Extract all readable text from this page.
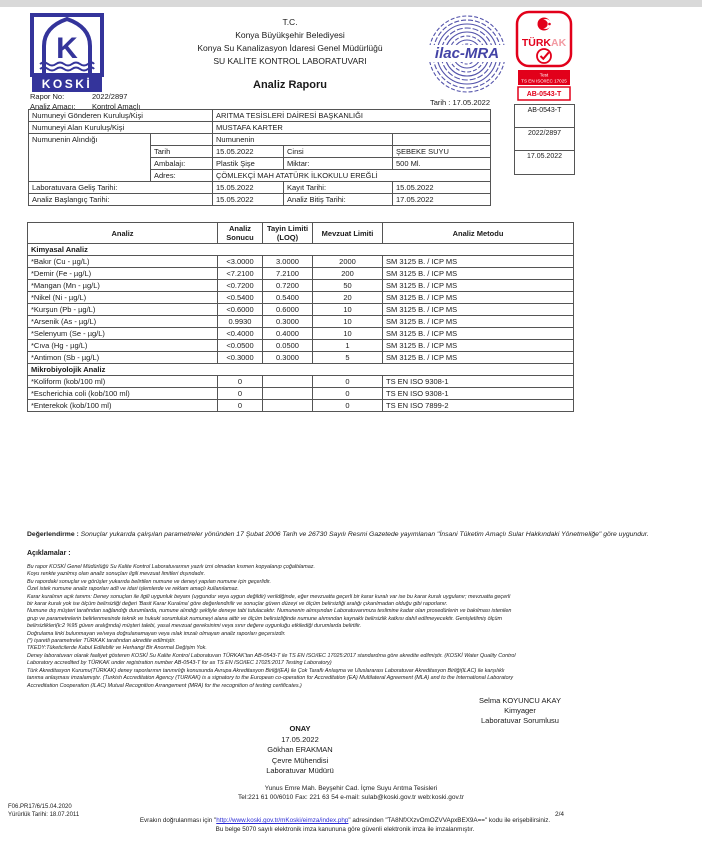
K
KOSKİ
T.C.
Konya Büyükşehir Belediyesi
Konya Su Kanalizasyon İdaresi Genel Müdürlüğü
SU KALİTE KONTROL LABORATUVARI
Analiz Raporu
ilac-MRA
TÜRKAK
Test
TS EN ISO/IEC 17025
AB-0543-T
AB-0543-T
2022/2897
17.05.2022
Rapor No:	2022/2897
Analiz Amacı: Kontrol Amaçlı	Tarih : 17.05.2022
Numuneyi Gönderen Kuruluş/Kişi		ARITMA TESİSLERİ DAİRESİ BAŞKANLIĞI		
Numuneyi Alan Kuruluş/Kişi		MUSTAFA KARTER		
Numunenin Alındığı		Numunenin		
	Tarih	15.05.2022	Cinsi	ŞEBEKE SUYU
	Ambalajı:	Plastik Şişe	Miktar:	500 Ml.
	Adres:	ÇÖMLEKÇİ MAH ATATÜRK İLKOKULU EREĞLİ		
Laboratuvara Geliş Tarihi:		15.05.2022	Kayıt Tarihi:	15.05.2022
Analiz Başlangıç Tarihi:		15.05.2022	Analiz Bitiş Tarihi:	17.05.2022
Analiz	Analiz Sonucu	Tayin Limiti (LOQ)	Mevzuat Limiti	Analiz Metodu
Kimyasal Analiz				
*Bakır (Cu - µg/L)	<3.0000	3.0000	2000	SM 3125 B. / ICP MS
*Demir (Fe - µg/L)	<7.2100	7.2100	200	SM 3125 B. / ICP MS
*Mangan (Mn - µg/L)	<0.7200	0.7200	50	SM 3125 B. / ICP MS
*Nikel (Ni - µg/L)	<0.5400	0.5400	20	SM 3125 B. / ICP MS
*Kurşun (Pb - µg/L)	<0.6000	0.6000	10	SM 3125 B. / ICP MS
*Arsenik (As - µg/L)	0.9930	0.3000	10	SM 3125 B. / ICP MS
*Selenyum (Se - µg/L)	<0.4000	0.4000	10	SM 3125 B. / ICP MS
*Cıva (Hg - µg/L)	<0.0500	0.0500	1	SM 3125 B. / ICP MS
*Antimon (Sb - µg/L)	<0.3000	0.3000	5	SM 3125 B. / ICP MS
Mikrobiyolojik Analiz				
*Koliform (kob/100 ml)	0		0	TS EN ISO 9308-1
*Escherichia coli (kob/100 ml)	0		0	TS EN ISO 9308-1
*Enterekok (kob/100 ml)	0		0	TS EN ISO 7899-2
Değerlendirme : Sonuçlar yukarıda çalışılan parametreler yönünden 17 Şubat 2006 Tarih ve 26730 Sayılı Resmi Gazetede yayımlanan "İnsani Tüketim Amaçlı Sular Hakkındaki Yönetmeliğe" göre uygundur.
Açıklamalar :
Bu rapor KOSKİ Genel Müdürlüğü Su Kalite Kontrol Laboratuvarının yazılı izni olmadan kısmen kopyalanıp çoğaltılamaz.
Koyu renkte yazılmış olan analiz sonuçları ilgili mevzuat limitleri dışındadır.
Bu rapordaki sonuçlar ve görüşler yukarıda belirtilen numune ve deneyi yapılan numune için geçerlidir.
Özel istek numune analiz raporları adli ve idari işlemlerde ve reklam amaçlı kullanılamaz.
Karar kuralının açık tanımı: Deney sonuçları ile ilgili uygunluk beyanı (uygundur veya uygun değildir) verildiğinde, eğer mevzuatta geçerli bir karar kuralı var ise bu karar kuralı uygulanır; mevzuatta geçerli
bir karar kuralı yok ise ölçüm belirsizliği değeri 'Basit Karar Kuralına' göre değerlendirilir ve sonuçlar güven düzeyi ve ölçüm belirsizliği aralığı çıkarılmadan olduğu gibi raporlanır.
Numune dış müşteri tarafından sağlandığı durumlarda, numune alındığı şekliyle deneye tabi tutulacaktır. Numunenin alınışından Laboratuvarımıza teslimine kadar olan prosedürlerin ve bakılması istenilen
grup ve parametrelerin belirlenmesinde teknik ve hukuki sorumluluk numuneyi alana aittir ve ölçüm belirsizliğinde numune alımından kaynaklı belirsizlik katkısı dahil edilmeyecektir. Genişletilmiş ölçüm
belirsizlikleri(k:2 %95 güven aralığında) müşteri talebi, yasal mevzuat gereksinimi veya sınır değere uygunluğu etkilediği durumlarda belirtilir.
Doğrulama linki bulunmayan ve/veya doğrulanamayan veya ıslak imzalı olmayan analiz raporları geçersizdir.
(*) işaretli parametreler TÜRKAK tarafından akredite edilmiştir.
TKEDY:Tüketicilerde Kabul Edilebilir ve Herhangi Bir Anormal Değişim Yok.
Deney laboratuvarı olarak faaliyet gösteren KOSKİ Su Kalite Kontrol Laboratuvarı TÜRKAK'tan AB-0543-T ile TS EN ISO/IEC 17025:2017 standardına göre akredite edilmiştir. (KOSKİ Water Quality Control
Laboratory accredited by TÜRKAK under registration number AB-0543-T for as TS EN ISO/IEC 17025:2017 Testing Laboratory)
Türk Akreditasyon Kurumu(TÜRKAK) deney raporlarının tanınırlığı konusunda Avrupa Akreditasyon Birliği(EA) ile Çok Taraflı Anlaşma ve Uluslararası Laboratuvar Akreditasyon Birliği(ILAC) ile karşılıklı
tanıma anlaşması imzalamıştır. (Turkish Accreditation Agency (TURKAK) is a signatory to the European co-operation for Accreditation (EA) Multilateral Agreement (MLA) and to the International Laboratory
Accreditation Cooperation (ILAC) Mutual Recognition Arrangement (MRA) for the recognition of testing certificates.)
Selma KOYUNCU AKAY
Kimyager
Laboratuvar Sorumlusu
ONAY
17.05.2022
Gökhan ERAKMAN
Çevre Mühendisi
Laboratuvar Müdürü
Yunus Emre Mah. Beyşehir Cad. İçme Suyu Arıtma Tesisleri
Tel:221 61 00/6010 Fax: 221 63 54 e-mail: sulab@koski.gov.tr web:koski.gov.tr
F06.PR17/6/15.04.2020
Yürürlük Tarihi: 18.07.2011	2/4
Evrakın doğrulanması için "http://www.koski.gov.tr/mKoski/eimza/index.php" adresinden "TA8NfXXzvOmOZVVApxBEX9A==" kodu ile erişebilirsiniz.
Bu belge 5070 sayılı elektronik imza kanununa göre güvenli elektronik imza ile imzalanmıştır.
